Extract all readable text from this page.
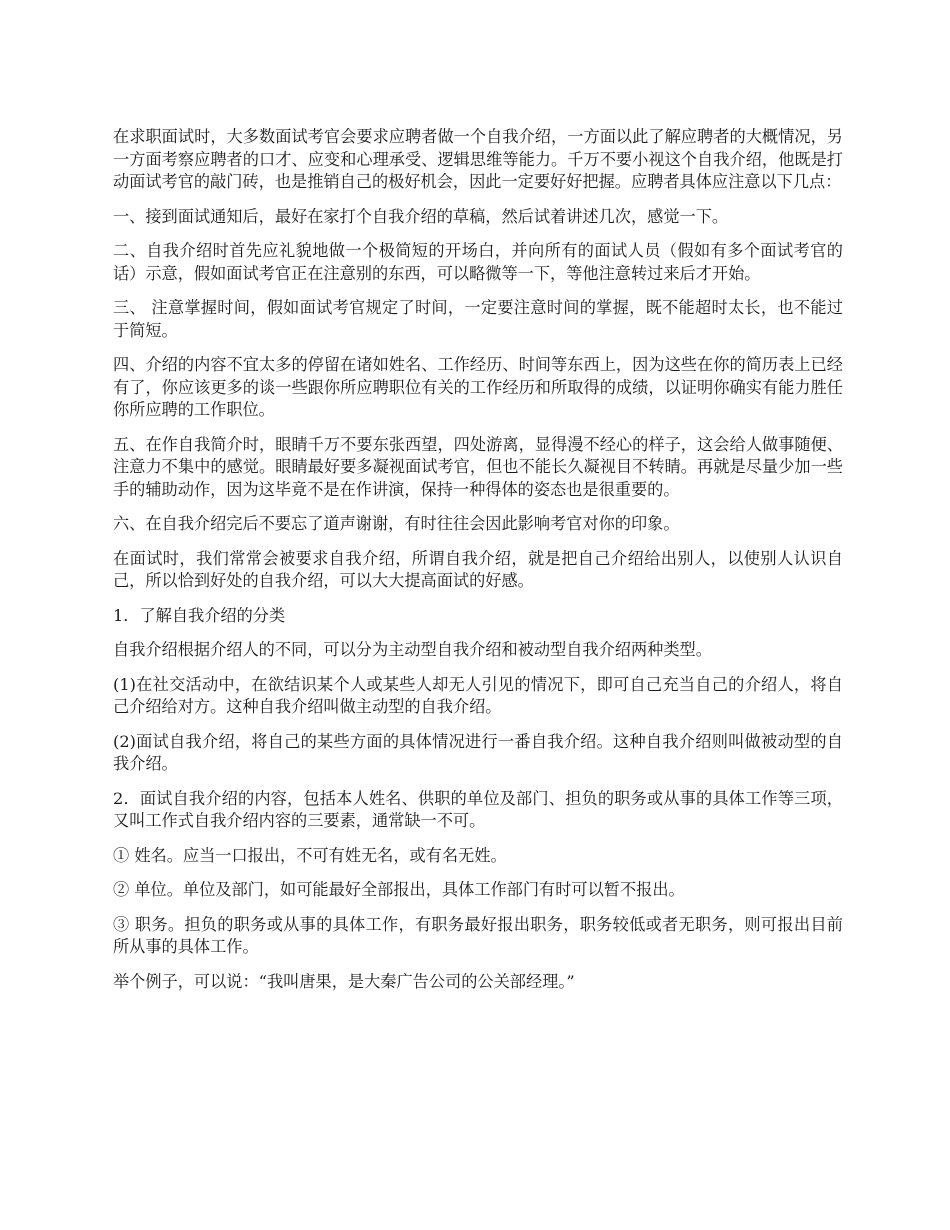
在求职面试时，大多数面试考官会要求应聘者做一个自我介绍，一方面以此了解应聘者的大概情况，另一方面考察应聘者的口才、应变和心理承受、逻辑思维等能力。千万不要小视这个自我介绍，他既是打动面试考官的敲门砖，也是推销自己的极好机会，因此一定要好好把握。应聘者具体应注意以下几点：

一、接到面试通知后，最好在家打个自我介绍的草稿，然后试着讲述几次，感觉一下。

二、自我介绍时首先应礼貌地做一个极简短的开场白，并向所有的面试人员（假如有多个面试考官的话）示意，假如面试考官正在注意别的东西，可以略微等一下，等他注意转过来后才开始。

三、 注意掌握时间，假如面试考官规定了时间，一定要注意时间的掌握，既不能超时太长，也不能过于简短。

四、介绍的内容不宜太多的停留在诸如姓名、工作经历、时间等东西上，因为这些在你的简历表上已经有了，你应该更多的谈一些跟你所应聘职位有关的工作经历和所取得的成绩，以证明你确实有能力胜任你所应聘的工作职位。

五、在作自我简介时，眼睛千万不要东张西望，四处游离，显得漫不经心的样子，这会给人做事随便、注意力不集中的感觉。眼睛最好要多凝视面试考官，但也不能长久凝视目不转睛。再就是尽量少加一些手的辅助动作，因为这毕竟不是在作讲演，保持一种得体的姿态也是很重要的。

六、在自我介绍完后不要忘了道声谢谢，有时往往会因此影响考官对你的印象。

在面试时，我们常常会被要求自我介绍，所谓自我介绍，就是把自己介绍给出别人，以使别人认识自己，所以恰到好处的自我介绍，可以大大提高面试的好感。

1．了解自我介绍的分类

自我介绍根据介绍人的不同，可以分为主动型自我介绍和被动型自我介绍两种类型。

(1)在社交活动中，在欲结识某个人或某些人却无人引见的情况下，即可自己充当自己的介绍人，将自己介绍给对方。这种自我介绍叫做主动型的自我介绍。

(2)面试自我介绍，将自己的某些方面的具体情况进行一番自我介绍。这种自我介绍则叫做被动型的自我介绍。

2．面试自我介绍的内容，包括本人姓名、供职的单位及部门、担负的职务或从事的具体工作等三项，又叫工作式自我介绍内容的三要素，通常缺一不可。

① 姓名。应当一口报出，不可有姓无名，或有名无姓。

② 单位。单位及部门，如可能最好全部报出，具体工作部门有时可以暂不报出。

③ 职务。担负的职务或从事的具体工作，有职务最好报出职务，职务较低或者无职务，则可报出目前所从事的具体工作。

举个例子，可以说：“我叫唐果，是大秦广告公司的公关部经理。”
